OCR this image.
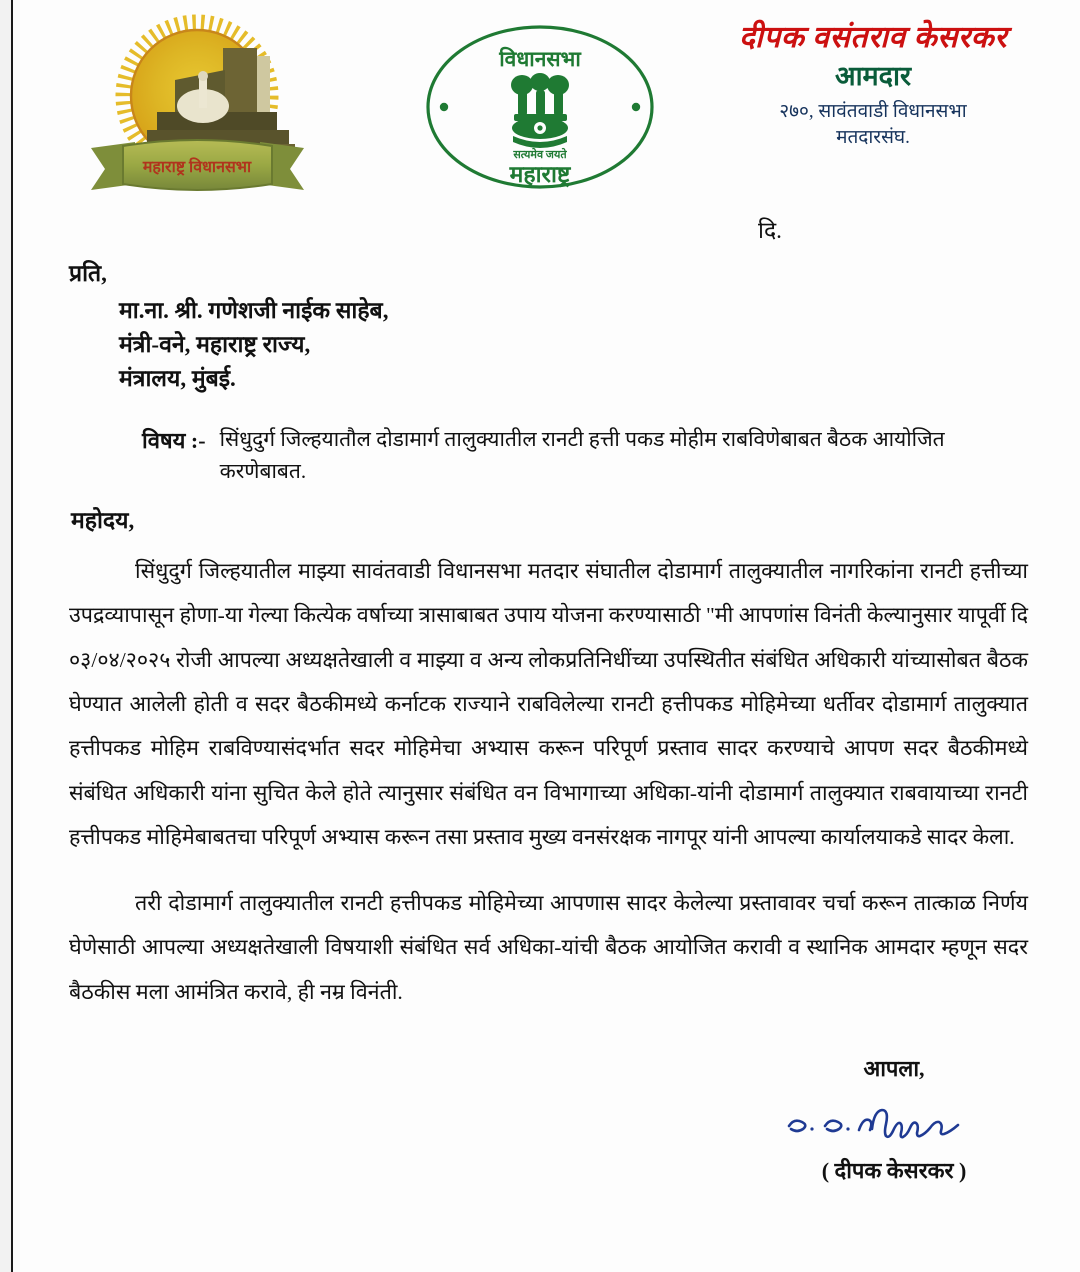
महाराष्ट्र विधानसभा
विधानसभा
सत्यमेव जयते
महाराष्ट्र
दीपक वसंतराव केसरकर
आमदार
२७०, सावंतवाडी विधानसभा
मतदारसंघ.
दि.
प्रति,
मा.ना. श्री. गणेशजी नाईक साहेब,
मंत्री-वने, महाराष्ट्र राज्य,
मंत्रालय, मुंबई.
विषय :- सिंधुदुर्ग जिल्हयातौल दोडामार्ग तालुक्यातील रानटी हत्ती पकड मोहीम राबविणेबाबत बैठक आयोजित करणेबाबत.
महोदय,
सिंधुदुर्ग जिल्हयातील माझ्या सावंतवाडी विधानसभा मतदार संघातील दोडामार्ग तालुक्यातील नागरिकांना रानटी हत्तीच्या उपद्रव्यापासून होणा-या गेल्या कित्येक वर्षाच्या त्रासाबाबत उपाय योजना करण्यासाठी "मी आपणांस विनंती केल्यानुसार यापूर्वी दि ०३/०४/२०२५ रोजी आपल्या अध्यक्षतेखाली व माझ्या व अन्य लोकप्रतिनिधींच्या उपस्थितीत संबंधित अधिकारी यांच्यासोबत बैठक घेण्यात आलेली होती व सदर बैठकीमध्ये कर्नाटक राज्याने राबविलेल्या रानटी हत्तीपकड मोहिमेच्या धर्तीवर दोडामार्ग तालुक्यात हत्तीपकड मोहिम राबविण्यासंदर्भात सदर मोहिमेचा अभ्यास करून परिपूर्ण प्रस्ताव सादर करण्याचे आपण सदर बैठकीमध्ये संबंधित अधिकारी यांना सुचित केले होते त्यानुसार संबंधित वन विभागाच्या अधिका-यांनी दोडामार्ग तालुक्यात राबवायाच्या रानटी हत्तीपकड मोहिमेबाबतचा परिपूर्ण अभ्यास करून तसा प्रस्ताव मुख्य वनसंरक्षक नागपूर यांनी आपल्या कार्यालयाकडे सादर केला.
तरी दोडामार्ग तालुक्यातील रानटी हत्तीपकड मोहिमेच्या आपणास सादर केलेल्या प्रस्तावावर चर्चा करून तात्काळ निर्णय घेणेसाठी आपल्या अध्यक्षतेखाली विषयाशी संबंधित सर्व अधिका-यांची बैठक आयोजित करावी व स्थानिक आमदार म्हणून सदर बैठकीस मला आमंत्रित करावे, ही नम्र विनंती.
आपला,
( दीपक केसरकर )
